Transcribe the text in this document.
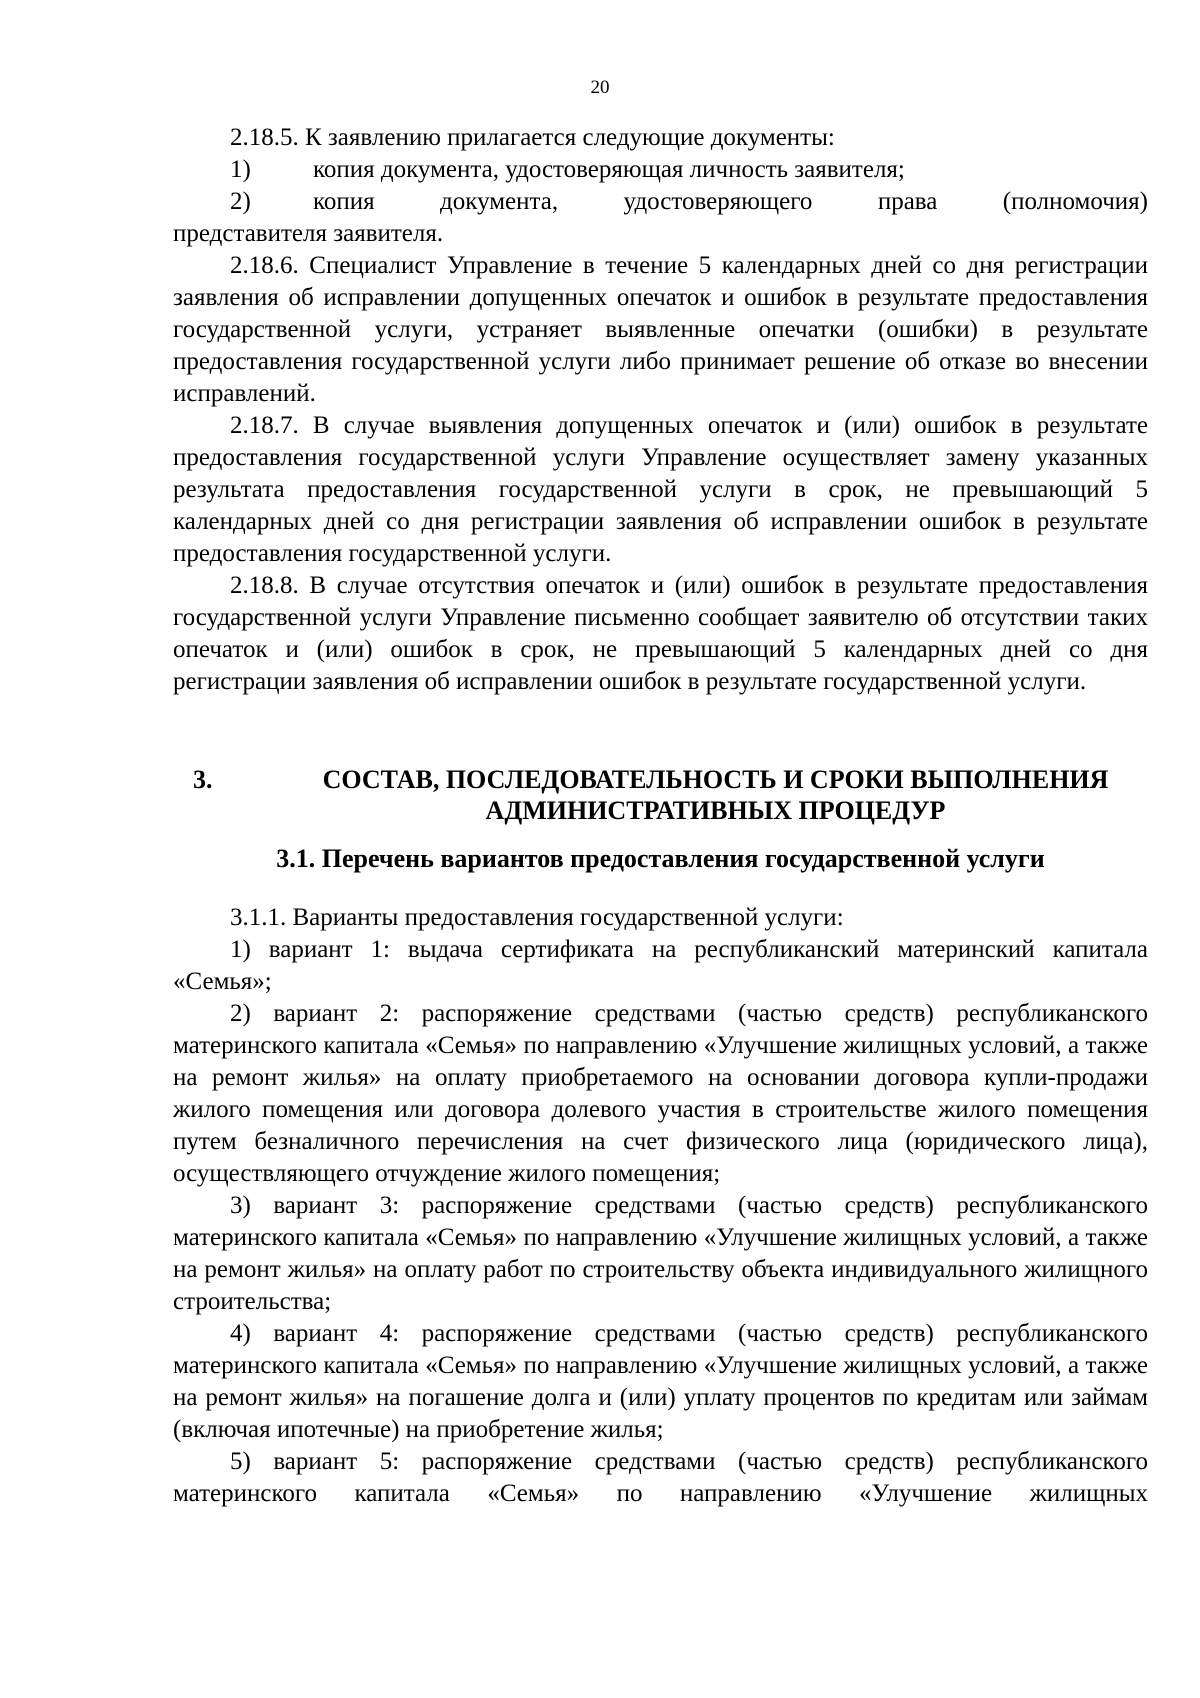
20

2.18.5. К заявлению прилагается следующие документы:

1)	копия документа, удостоверяющая личность заявителя;
2)	копия документа, удостоверяющего права (полномочия)

представителя заявителя.

2.18.6. Специалист Управление в течение 5 календарных дней со дня регистрации заявления об исправлении допущенных опечаток и ошибок в результате предоставления государственной услуги, устраняет выявленные опечатки (ошибки) в результате предоставления государственной услуги либо принимает решение об отказе во внесении исправлений.

2.18.7. В случае выявления допущенных опечаток и (или) ошибок в результате предоставления государственной услуги Управление осуществляет замену указанных результата предоставления государственной услуги в срок, не превышающий 5 календарных дней со дня регистрации заявления об исправлении ошибок в результате предоставления государственной услуги.

2.18.8. В случае отсутствия опечаток и (или) ошибок в результате предоставления государственной услуги Управление письменно сообщает заявителю об отсутствии таких опечаток и (или) ошибок в срок, не превышающий 5 календарных дней со дня регистрации заявления об исправлении ошибок в результате государственной услуги.

3.	СОСТАВ, ПОСЛЕДОВАТЕЛЬНОСТЬ И СРОКИ ВЫПОЛНЕНИЯ
АДМИНИСТРАТИВНЫХ ПРОЦЕДУР
3.1. Перечень вариантов предоставления государственной услуги

3.1.1. Варианты предоставления государственной услуги:

1) вариант 1: выдача сертификата на республиканский материнский капитала «Семья»;

2) вариант 2: распоряжение средствами (частью средств) республиканского материнского капитала «Семья» по направлению «Улучшение жилищных условий, а также на ремонт жилья» на оплату приобретаемого на основании договора купли-продажи жилого помещения или договора долевого участия в строительстве жилого помещения путем безналичного перечисления на счет физического лица (юридического лица), осуществляющего отчуждение жилого помещения;

3) вариант 3: распоряжение средствами (частью средств) республиканского материнского капитала «Семья» по направлению «Улучшение жилищных условий, а также на ремонт жилья» на оплату работ по строительству объекта индивидуального жилищного строительства;

4) вариант 4: распоряжение средствами (частью средств) республиканского материнского капитала «Семья» по направлению «Улучшение жилищных условий, а также на ремонт жилья» на погашение долга и (или) уплату процентов по кредитам или займам (включая ипотечные) на приобретение жилья;

5) вариант 5: распоряжение средствами (частью средств) республиканского материнского капитала «Семья» по направлению «Улучшение жилищных
